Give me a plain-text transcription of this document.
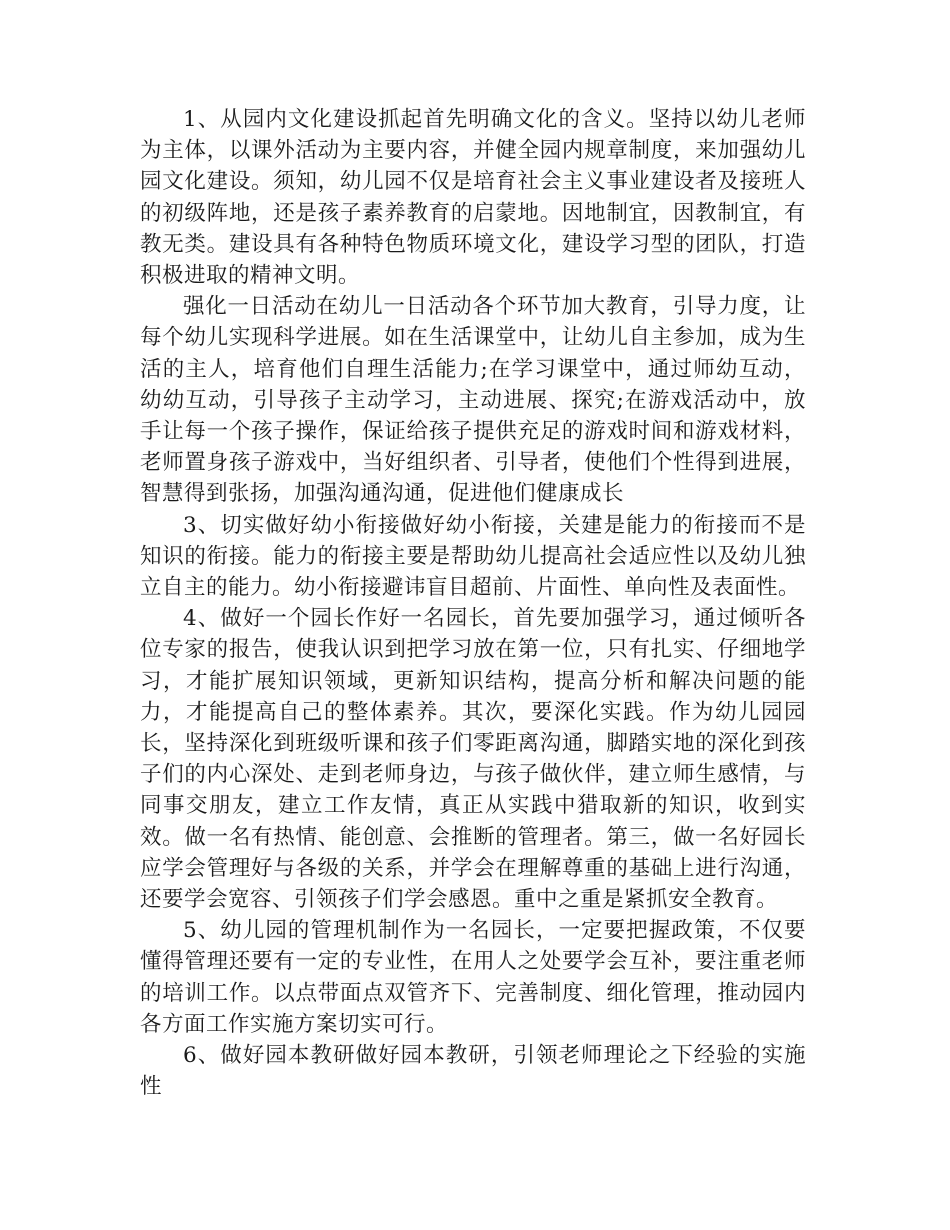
1、从园内文化建设抓起首先明确文化的含义。坚持以幼儿老师为主体，以课外活动为主要内容，并健全园内规章制度，来加强幼儿园文化建设。须知，幼儿园不仅是培育社会主义事业建设者及接班人的初级阵地，还是孩子素养教育的启蒙地。因地制宜，因教制宜，有教无类。建设具有各种特色物质环境文化，建设学习型的团队，打造积极进取的精神文明。

强化一日活动在幼儿一日活动各个环节加大教育，引导力度，让每个幼儿实现科学进展。如在生活课堂中，让幼儿自主参加，成为生活的主人，培育他们自理生活能力;在学习课堂中，通过师幼互动，幼幼互动，引导孩子主动学习，主动进展、探究;在游戏活动中，放手让每一个孩子操作，保证给孩子提供充足的游戏时间和游戏材料，老师置身孩子游戏中，当好组织者、引导者，使他们个性得到进展，智慧得到张扬，加强沟通沟通，促进他们健康成长

3、切实做好幼小衔接做好幼小衔接，关建是能力的衔接而不是知识的衔接。能力的衔接主要是帮助幼儿提高社会适应性以及幼儿独立自主的能力。幼小衔接避讳盲目超前、片面性、单向性及表面性。

4、做好一个园长作好一名园长，首先要加强学习，通过倾听各位专家的报告，使我认识到把学习放在第一位，只有扎实、仔细地学习，才能扩展知识领域，更新知识结构，提高分析和解决问题的能力，才能提高自己的整体素养。其次，要深化实践。作为幼儿园园长，坚持深化到班级听课和孩子们零距离沟通，脚踏实地的深化到孩子们的内心深处、走到老师身边，与孩子做伙伴，建立师生感情，与同事交朋友，建立工作友情，真正从实践中猎取新的知识，收到实效。做一名有热情、能创意、会推断的管理者。第三，做一名好园长应学会管理好与各级的关系，并学会在理解尊重的基础上进行沟通，还要学会宽容、引领孩子们学会感恩。重中之重是紧抓安全教育。

5、幼儿园的管理机制作为一名园长，一定要把握政策，不仅要懂得管理还要有一定的专业性，在用人之处要学会互补，要注重老师的培训工作。以点带面点双管齐下、完善制度、细化管理，推动园内各方面工作实施方案切实可行。

6、做好园本教研做好园本教研，引领老师理论之下经验的实施性
